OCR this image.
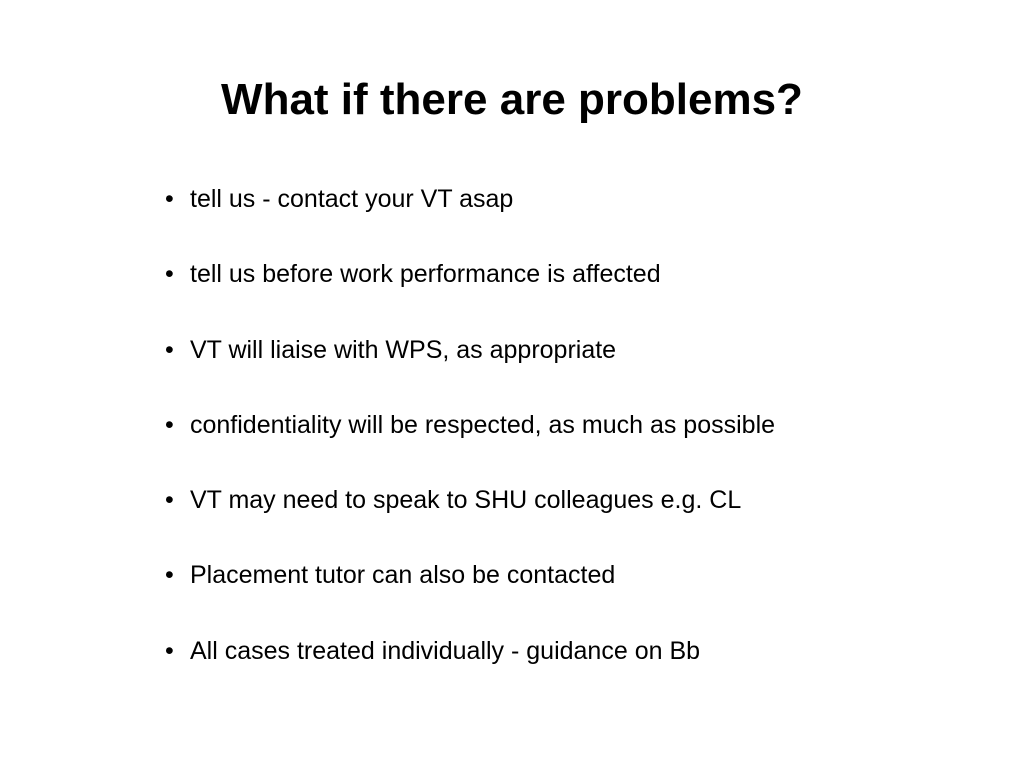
What if there are problems?
• tell us - contact your VT asap
• tell us before work performance is affected
• VT will liaise with WPS, as appropriate
• confidentiality will be respected, as much as possible
• VT may need to speak to SHU colleagues e.g. CL
• Placement tutor can also be contacted
• All cases treated individually - guidance on Bb
